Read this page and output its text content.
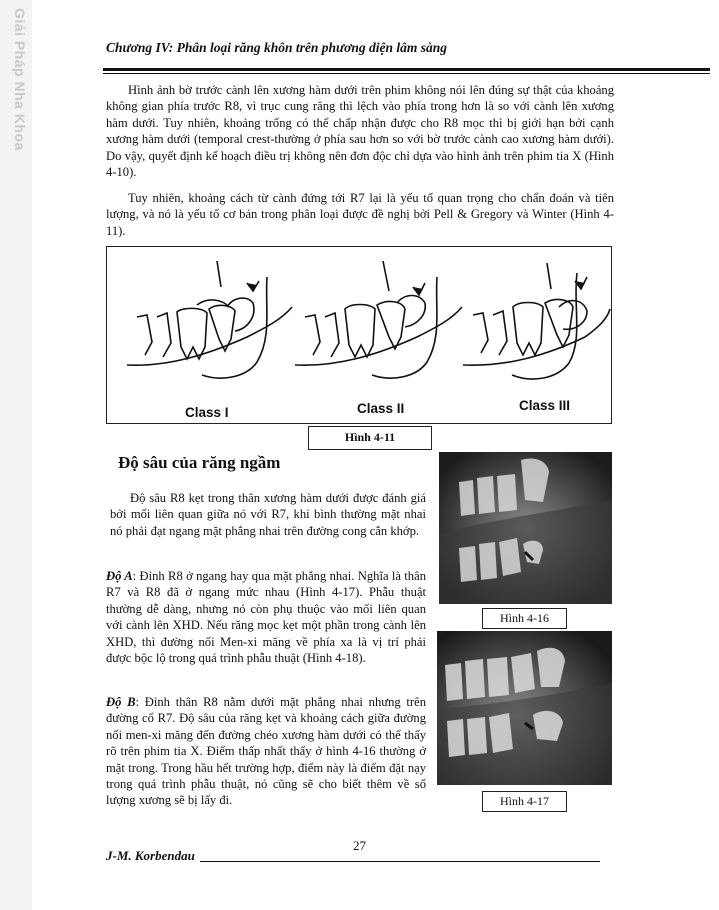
Giải Pháp Nha Khoa	Chương IV: Phân loại răng khôn trên phương diện lâm sàng

Hình ảnh bờ trước cành lên xương hàm dưới trên phim không nói lên đúng sự thật của khoảng không gian phía trước R8, vì trục cung răng thì lệch vào phía trong hơn là so với cành lên xương hàm dưới. Tuy nhiên, khoảng trống có thể chấp nhận được cho R8 mọc thì bị giới hạn bởi cạnh xương hàm dưới (temporal crest-thường ở phía sau hơn so với bờ trước cành cao xương hàm dưới). Do vậy, quyết định kế hoạch điều trị không nên đơn độc chỉ dựa vào hình ảnh trên phim tia X (Hình 4-10).

Tuy nhiên, khoảng cách từ cành đứng tới R7 lại là yếu tố quan trọng cho chẩn đoán và tiên lượng, và nó là yếu tố cơ bản trong phân loại được đề nghị bởi Pell & Gregory và Winter (Hình 4-11).

Class I	Class II	Class III
Hình 4-11
Độ sâu của răng ngầm

Độ sâu R8 kẹt trong thân xương hàm dưới được đánh giá bởi mối liên quan giữa nó với R7, khi bình thường mặt nhai nó phải đạt ngang mặt phẳng nhai trên đường cong cắn khớp.

Độ A: Đỉnh R8 ở ngang hay qua mặt phẳng nhai. Nghĩa là thân R7 và R8 đã ở ngang mức nhau (Hình 4-17). Phẫu thuật thường dễ dàng, nhưng nó còn phụ thuộc vào mối liên quan với cành lên XHD. Nếu răng mọc kẹt một phần trong cành lên XHD, thì đường nối Men-xi măng về phía xa là vị trí phải được bộc lộ trong quá trình phẫu thuật (Hình 4-18).

Độ B: Đỉnh thân R8 nằm dưới mặt phẳng nhai nhưng trên đường cổ R7. Độ sâu của răng kẹt và khoảng cách giữa đường nối men-xi măng đến đường chéo xương hàm dưới có thể thấy rõ trên phim tia X. Điểm thấp nhất thấy ở hình 4-16 thường ở mặt trong. Trong hầu hết trường hợp, điểm này là điểm đặt nạy trong quá trình phẫu thuật, nó cũng sẽ cho biết thêm về số lượng xương sẽ bị lấy đi.

Hình 4-16
Hình 4-17
27
J-M. Korbendau
